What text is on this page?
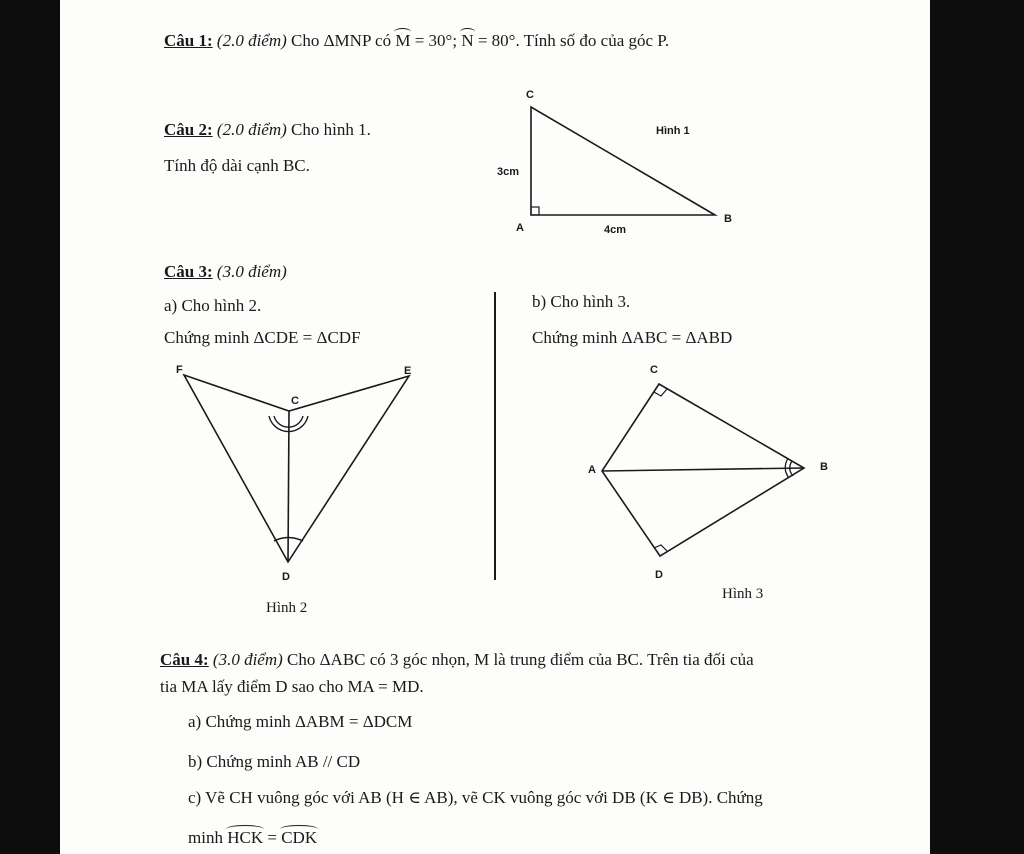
Câu 1: (2.0 điểm) Cho ΔMNP có M = 30°; N = 80°. Tính số đo của góc P.
Câu 2: (2.0 điểm) Cho hình 1.
Tính độ dài cạnh BC.
C
A
B
3cm
4cm
Hình 1
Câu 3: (3.0 điểm)
a) Cho hình 2.
Chứng minh ΔCDE = ΔCDF
b) Cho hình 3.
Chứng minh ΔABC = ΔABD
F	E
C
D
Hình 2
C
A	B
D
Hình 3
Câu 4: (3.0 điểm) Cho ΔABC có 3 góc nhọn, M là trung điểm của BC. Trên tia đối của
tia MA lấy điểm D sao cho MA = MD.
a) Chứng minh ΔABM = ΔDCM
b) Chứng minh AB // CD
c) Vẽ CH vuông góc với AB (H ∈ AB), vẽ CK vuông góc với DB (K ∈ DB). Chứng
minh HCK = CDK
